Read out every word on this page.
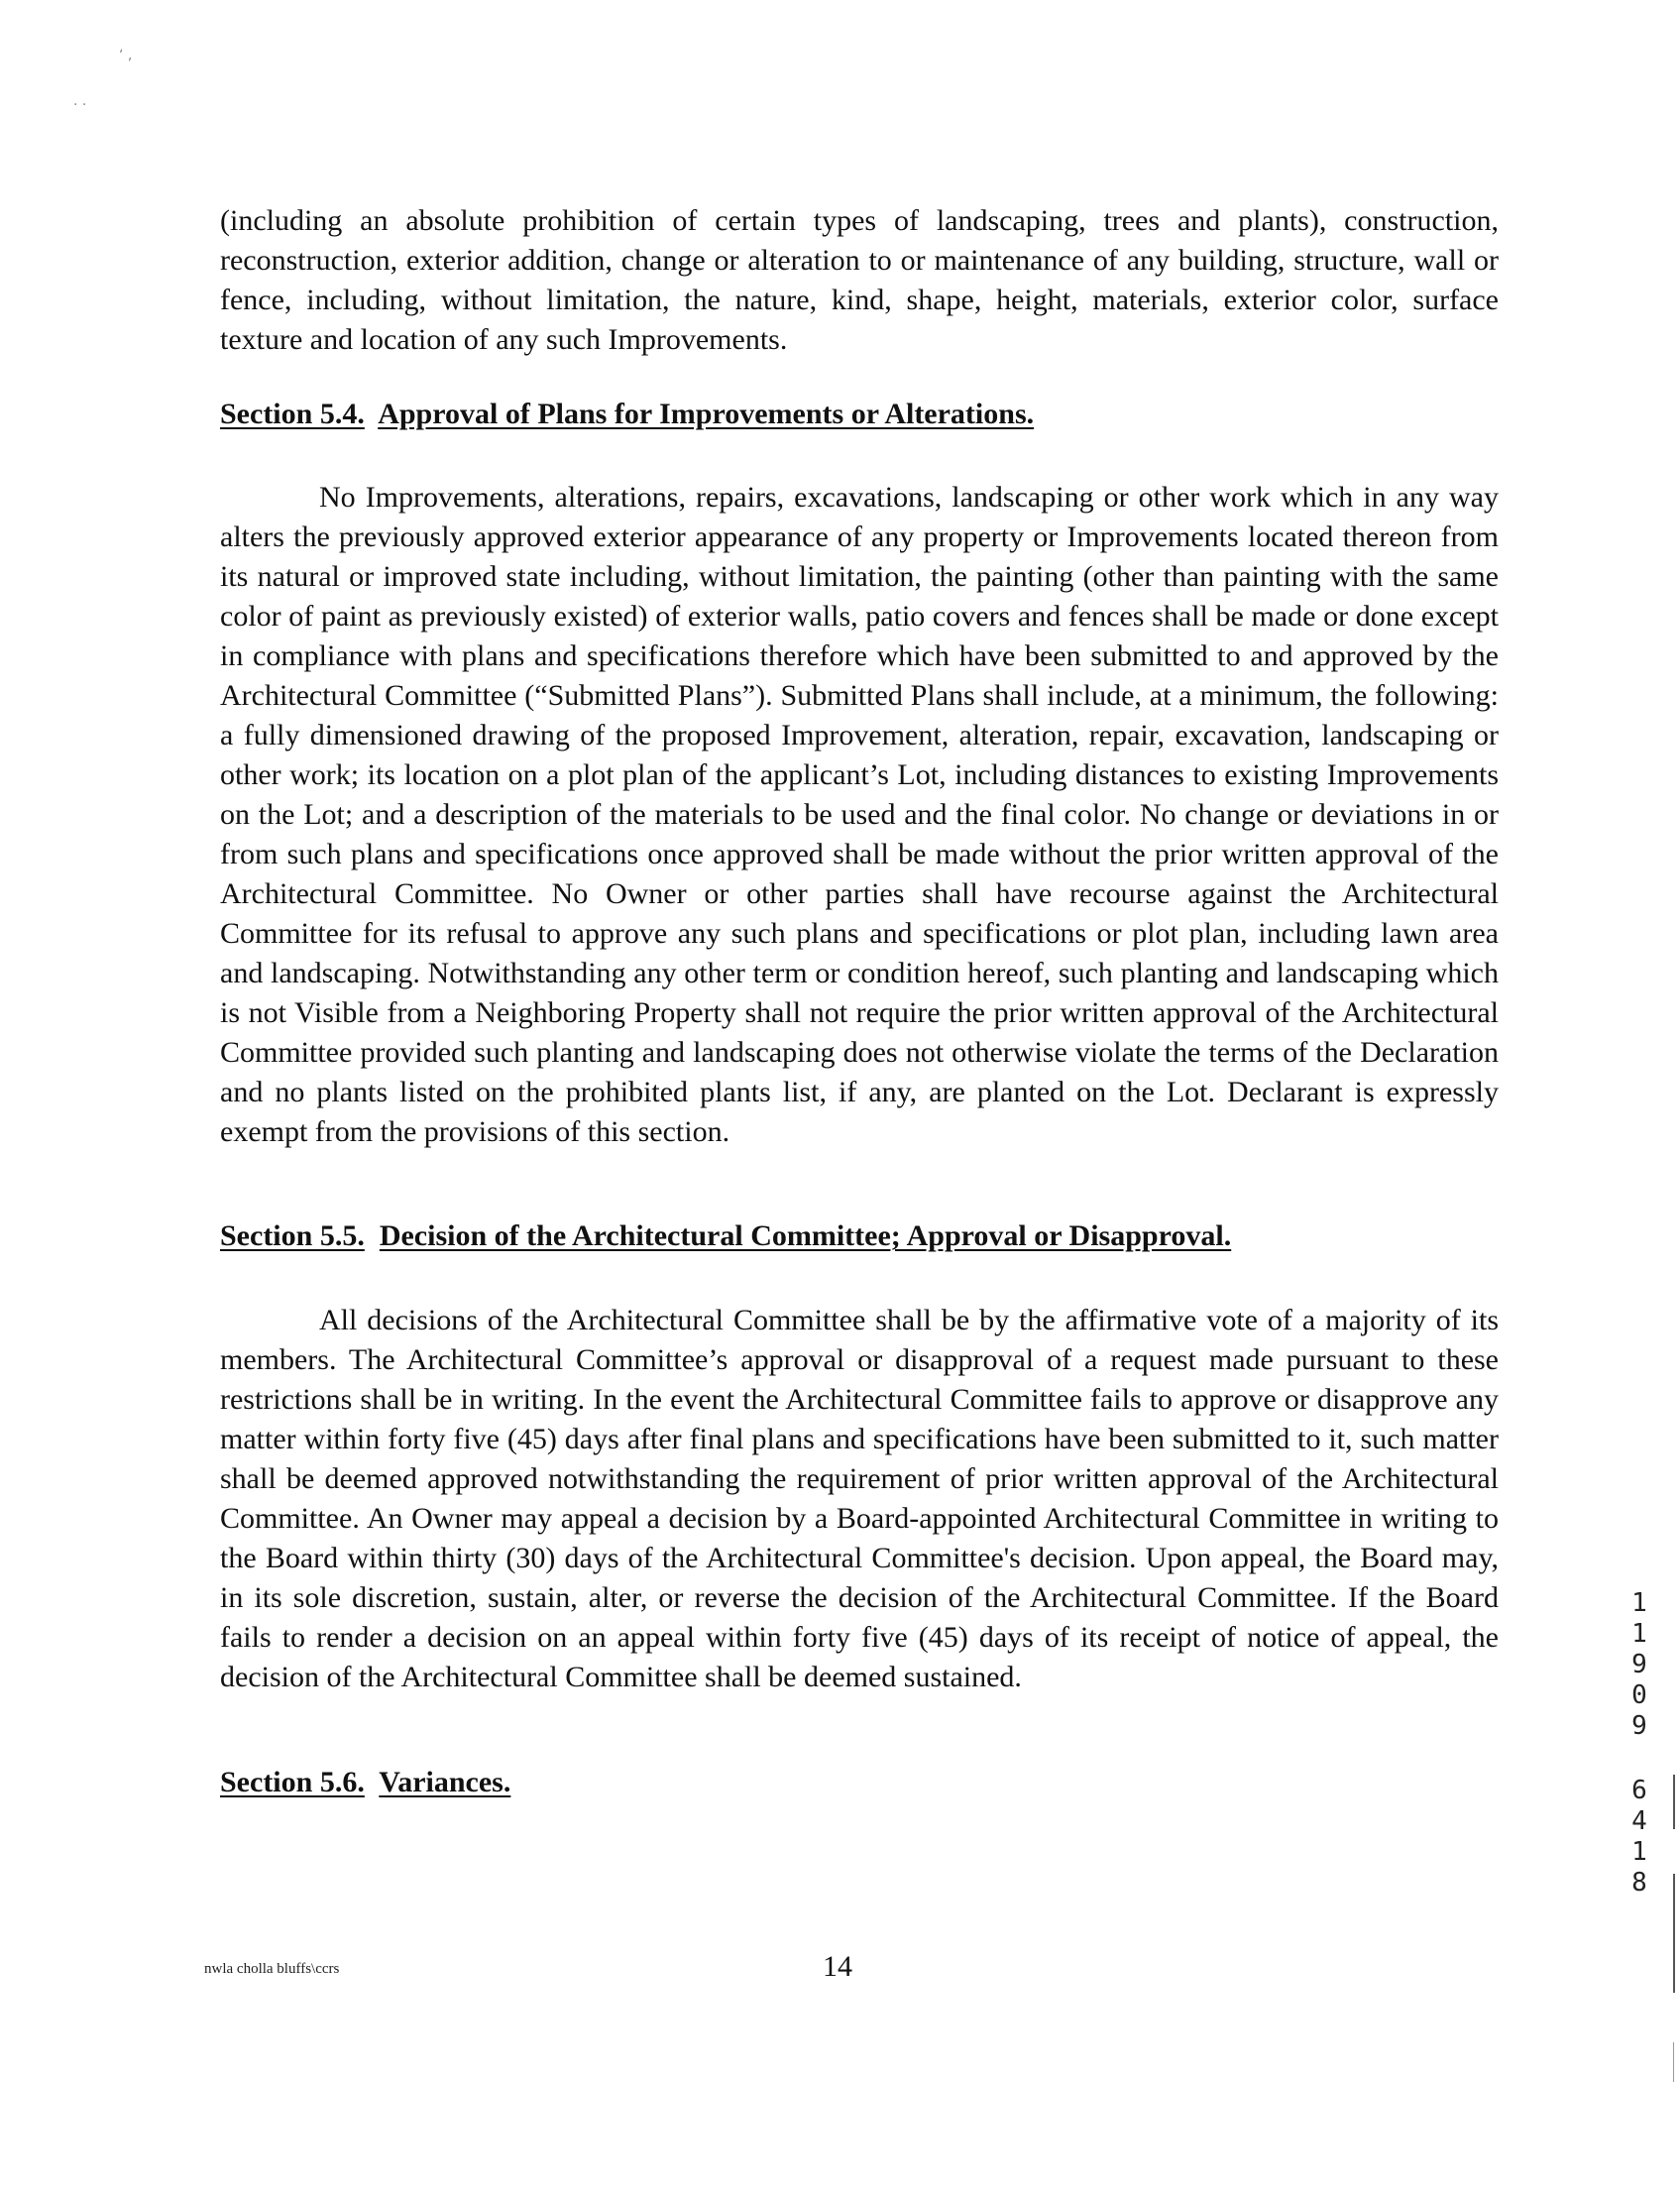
‘ ,
· ·
(including an absolute prohibition of certain types of landscaping, trees and plants), construction, reconstruction, exterior addition, change or alteration to or maintenance of any building, structure, wall or fence, including, without limitation, the nature, kind, shape, height, materials, exterior color, surface texture and location of any such Improvements.
Section 5.4. Approval of Plans for Improvements or Alterations.
No Improvements, alterations, repairs, excavations, landscaping or other work which in any way alters the previously approved exterior appearance of any property or Improvements located thereon from its natural or improved state including, without limitation, the painting (other than painting with the same color of paint as previously existed) of exterior walls, patio covers and fences shall be made or done except in compliance with plans and specifications therefore which have been submitted to and approved by the Architectural Committee (“Submitted Plans”). Submitted Plans shall include, at a minimum, the following: a fully dimensioned drawing of the proposed Improvement, alteration, repair, excavation, landscaping or other work; its location on a plot plan of the applicant’s Lot, including distances to existing Improvements on the Lot; and a description of the materials to be used and the final color. No change or deviations in or from such plans and specifications once approved shall be made without the prior written approval of the Architectural Committee. No Owner or other parties shall have recourse against the Architectural Committee for its refusal to approve any such plans and specifications or plot plan, including lawn area and landscaping. Notwithstanding any other term or condition hereof, such planting and landscaping which is not Visible from a Neighboring Property shall not require the prior written approval of the Architectural Committee provided such planting and landscaping does not otherwise violate the terms of the Declaration and no plants listed on the prohibited plants list, if any, are planted on the Lot. Declarant is expressly exempt from the provisions of this section.
Section 5.5. Decision of the Architectural Committee; Approval or Disapproval.
All decisions of the Architectural Committee shall be by the affirmative vote of a majority of its members. The Architectural Committee’s approval or disapproval of a request made pursuant to these restrictions shall be in writing. In the event the Architectural Committee fails to approve or disapprove any matter within forty five (45) days after final plans and specifications have been submitted to it, such matter shall be deemed approved notwithstanding the requirement of prior written approval of the Architectural Committee. An Owner may appeal a decision by a Board-appointed Architectural Committee in writing to the Board within thirty (30) days of the Architectural Committee's decision. Upon appeal, the Board may, in its sole discretion, sustain, alter, or reverse the decision of the Architectural Committee. If the Board fails to render a decision on an appeal within forty five (45) days of its receipt of notice of appeal, the decision of the Architectural Committee shall be deemed sustained.
Section 5.6. Variances.
nwla cholla bluffs\ccrs	14
1
1
9
0
9
6
4
1
8
